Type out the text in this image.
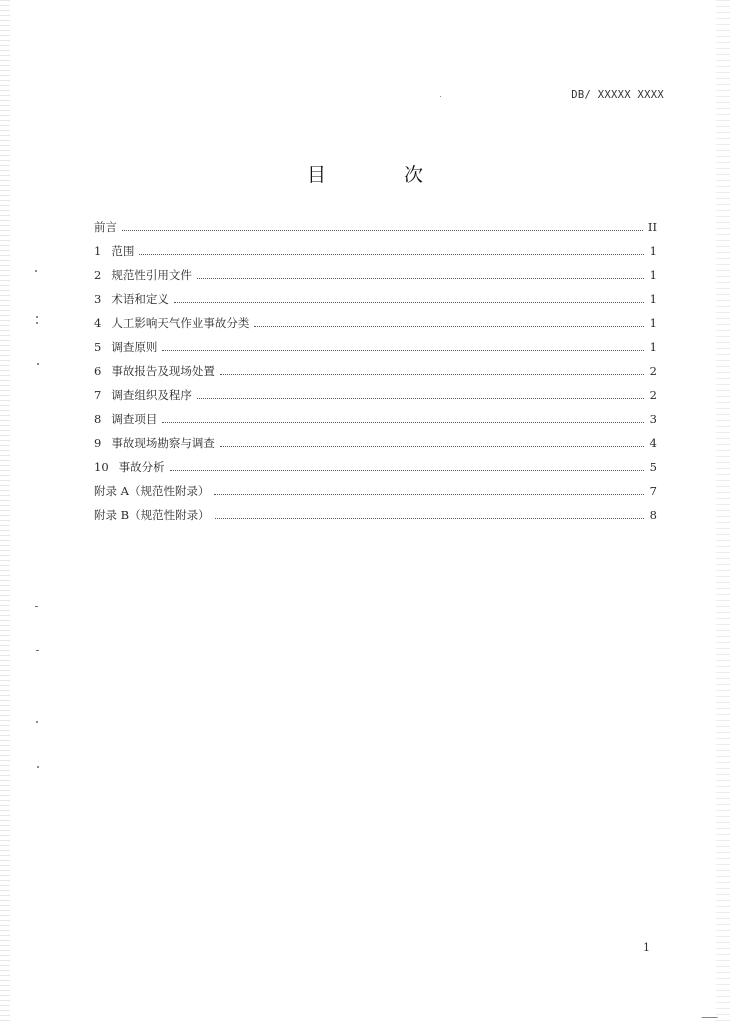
DB/ XXXXX XXXX
目 次
前言	II
1 范围	1
2 规范性引用文件	1
3 术语和定义	1
4 人工影响天气作业事故分类	1
5 调查原则	1
6 事故报告及现场处置	2
7 调查组织及程序	2
8 调查项目	3
9 事故现场勘察与调查	4
10 事故分析	5
附录 A（规范性附录）	7
附录 B（规范性附录）	8
1
